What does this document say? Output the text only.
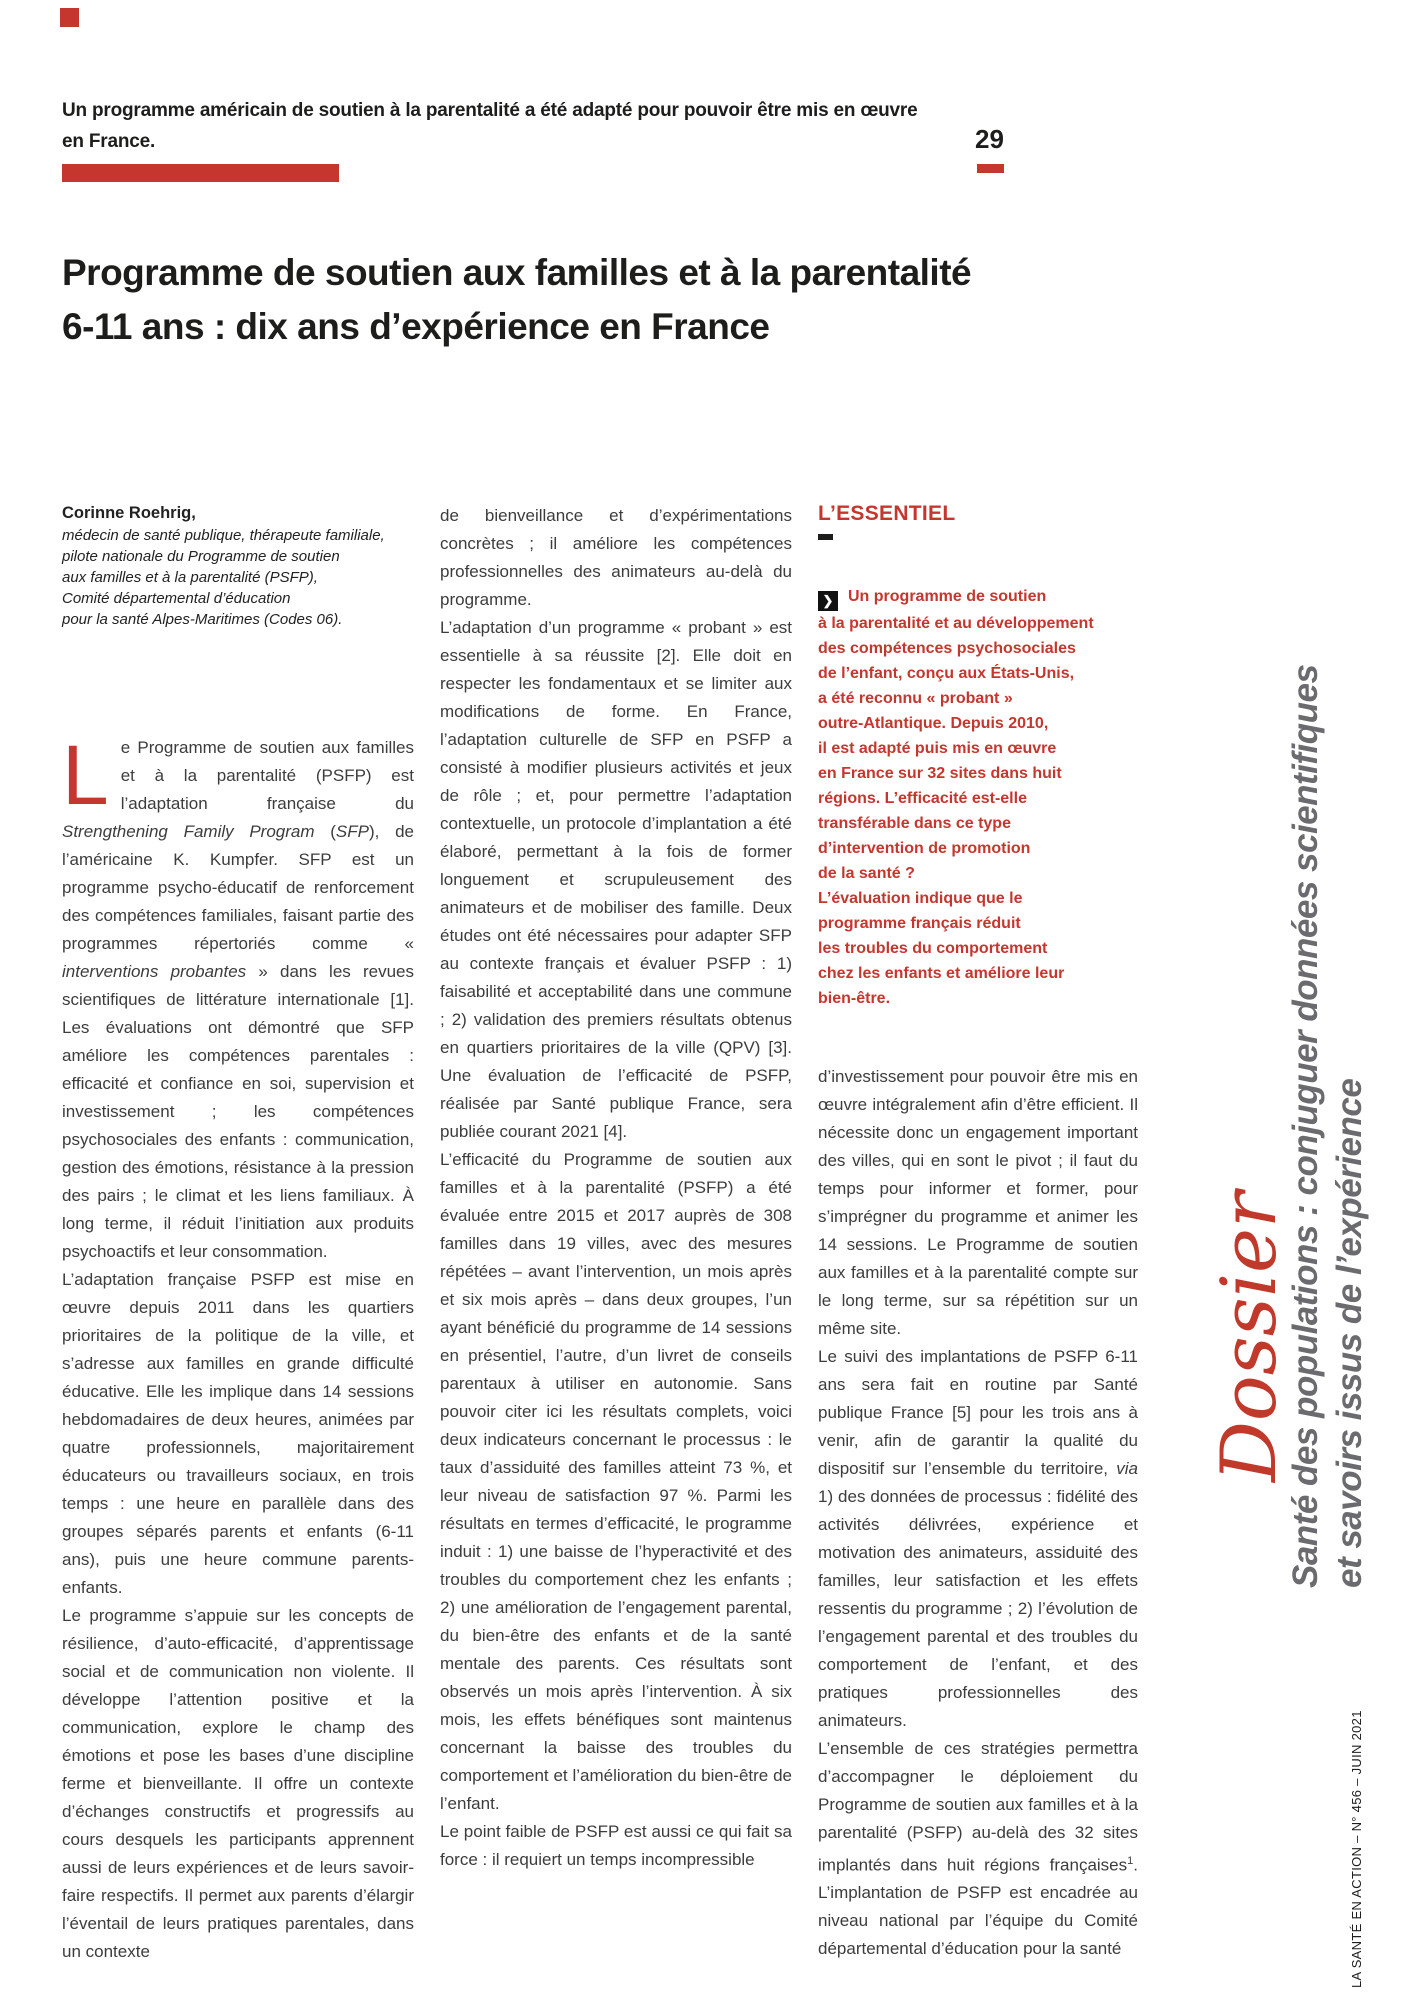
Un programme américain de soutien à la parentalité a été adapté pour pouvoir être mis en œuvre
en France.	29
Programme de soutien aux familles et à la parentalité
6-11 ans : dix ans d’expérience en France
Corinne Roehrig,
médecin de santé publique, thérapeute familiale,
pilote nationale du Programme de soutien
aux familles et à la parentalité (PSFP),
Comité départemental d’éducation
pour la santé Alpes-Maritimes (Codes 06).

Le Programme de soutien aux familles et à la parentalité (PSFP) est l’adaptation française du Strengthening Family Program (SFP), de l’américaine K. Kumpfer. SFP est un programme psycho-éducatif de renforcement des compétences familiales, faisant partie des programmes répertoriés comme « interventions probantes » dans les revues scientifiques de littérature internationale [1]. Les évaluations ont démontré que SFP améliore les compétences parentales : efficacité et confiance en soi, supervision et investissement ; les compétences psychosociales des enfants : communication, gestion des émotions, résistance à la pression des pairs ; le climat et les liens familiaux. À long terme, il réduit l’initiation aux produits psychoactifs et leur consommation.

L’adaptation française PSFP est mise en œuvre depuis 2011 dans les quartiers prioritaires de la politique de la ville, et s’adresse aux familles en grande difficulté éducative. Elle les implique dans 14 sessions hebdomadaires de deux heures, animées par quatre professionnels, majoritairement éducateurs ou travailleurs sociaux, en trois temps : une heure en parallèle dans des groupes séparés parents et enfants (6-11 ans), puis une heure commune parents-enfants.

Le programme s’appuie sur les concepts de résilience, d’auto-efficacité, d’apprentissage social et de communication non violente. Il développe l’attention positive et la communication, explore le champ des émotions et pose les bases d’une discipline ferme et bienveillante. Il offre un contexte d’échanges constructifs et progressifs au cours desquels les participants apprennent aussi de leurs expériences et de leurs savoir-faire respectifs. Il permet aux parents d’élargir l’éventail de leurs pratiques parentales, dans un contexte

de bienveillance et d’expérimentations concrètes ; il améliore les compétences professionnelles des animateurs au-delà du programme.

L’adaptation d’un programme « probant » est essentielle à sa réussite [2]. Elle doit en respecter les fondamentaux et se limiter aux modifications de forme. En France, l’adaptation culturelle de SFP en PSFP a consisté à modifier plusieurs activités et jeux de rôle ; et, pour permettre l’adaptation contextuelle, un protocole d’implantation a été élaboré, permettant à la fois de former longuement et scrupuleusement des animateurs et de mobiliser des famille. Deux études ont été nécessaires pour adapter SFP au contexte français et évaluer PSFP : 1) faisabilité et acceptabilité dans une commune ; 2) validation des premiers résultats obtenus en quartiers prioritaires de la ville (QPV) [3]. Une évaluation de l’efficacité de PSFP, réalisée par Santé publique France, sera publiée courant 2021 [4].

L’efficacité du Programme de soutien aux familles et à la parentalité (PSFP) a été évaluée entre 2015 et 2017 auprès de 308 familles dans 19 villes, avec des mesures répétées – avant l’intervention, un mois après et six mois après – dans deux groupes, l’un ayant bénéficié du programme de 14 sessions en présentiel, l’autre, d’un livret de conseils parentaux à utiliser en autonomie. Sans pouvoir citer ici les résultats complets, voici deux indicateurs concernant le processus : le taux d’assiduité des familles atteint 73 %, et leur niveau de satisfaction 97 %. Parmi les résultats en termes d’efficacité, le programme induit : 1) une baisse de l’hyperactivité et des troubles du comportement chez les enfants ; 2) une amélioration de l’engagement parental, du bien-être des enfants et de la santé mentale des parents. Ces résultats sont observés un mois après l’intervention. À six mois, les effets bénéfiques sont maintenus concernant la baisse des troubles du comportement et l’amélioration du bien-être de l’enfant.

Le point faible de PSFP est aussi ce qui fait sa force : il requiert un temps incompressible

L’ESSENTIEL
❯ Un programme de soutien
à la parentalité et au développement
des compétences psychosociales
de l’enfant, conçu aux États-Unis,
a été reconnu « probant »
outre-Atlantique. Depuis 2010,
il est adapté puis mis en œuvre
en France sur 32 sites dans huit
régions. L’efficacité est-elle
transférable dans ce type
d’intervention de promotion
de la santé ?
L’évaluation indique que le
programme français réduit
les troubles du comportement
chez les enfants et améliore leur
bien-être.

d’investissement pour pouvoir être mis en œuvre intégralement afin d’être efficient. Il nécessite donc un engagement important des villes, qui en sont le pivot ; il faut du temps pour informer et former, pour s’imprégner du programme et animer les 14 sessions. Le Programme de soutien aux familles et à la parentalité compte sur le long terme, sur sa répétition sur un même site.

Le suivi des implantations de PSFP 6-11 ans sera fait en routine par Santé publique France [5] pour les trois ans à venir, afin de garantir la qualité du dispositif sur l’ensemble du territoire, via 1) des données de processus : fidélité des activités délivrées, expérience et motivation des animateurs, assiduité des familles, leur satisfaction et les effets ressentis du programme ; 2) l’évolution de l’engagement parental et des troubles du comportement de l’enfant, et des pratiques professionnelles des animateurs.

L’ensemble de ces stratégies permettra d’accompagner le déploiement du Programme de soutien aux familles et à la parentalité (PSFP) au-delà des 32 sites implantés dans huit régions françaises$^1$. L’implantation de PSFP est encadrée au niveau national par l’équipe du Comité départemental d’éducation pour la santé

Dossier
Santé des populations : conjuguer données scientifiques et savoirs issus de l’expérience
LA SANTÉ EN ACTION – N° 456 – JUIN 2021
